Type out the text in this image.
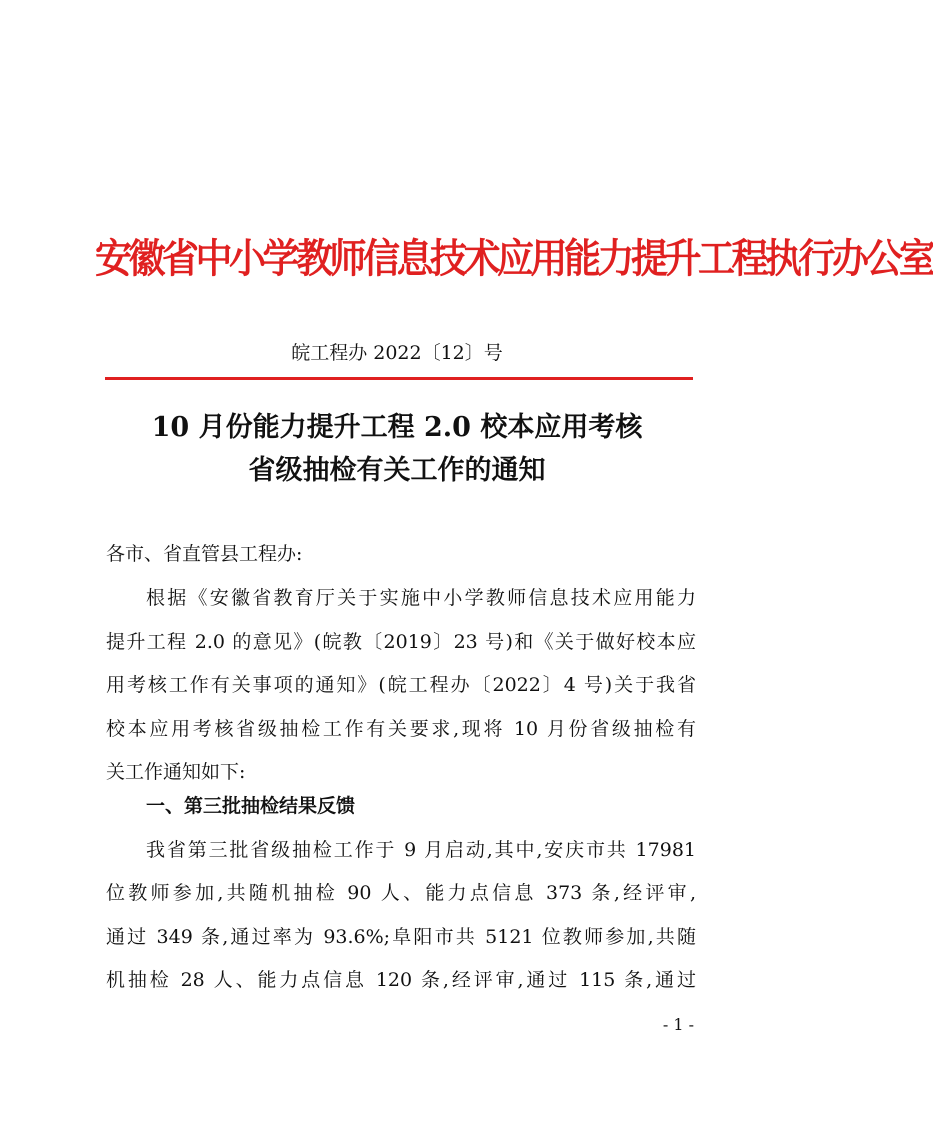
安徽省中小学教师信息技术应用能力提升工程执行办公室
皖工程办 2022〔12〕号
10 月份能力提升工程 2.0 校本应用考核
省级抽检有关工作的通知
各市、省直管县工程办:
根据《安徽省教育厅关于实施中小学教师信息技术应用能力
提升工程 2.0 的意见》(皖教〔2019〕23 号)和《关于做好校本应
用考核工作有关事项的通知》(皖工程办〔2022〕4 号)关于我省
校本应用考核省级抽检工作有关要求,现将 10 月份省级抽检有
关工作通知如下:
一、第三批抽检结果反馈
我省第三批省级抽检工作于 9 月启动,其中,安庆市共 17981
位教师参加,共随机抽检 90 人、能力点信息 373 条,经评审,
通过 349 条,通过率为 93.6%;阜阳市共 5121 位教师参加,共随
机抽检 28 人、能力点信息 120 条,经评审,通过 115 条,通过
- 1 -
